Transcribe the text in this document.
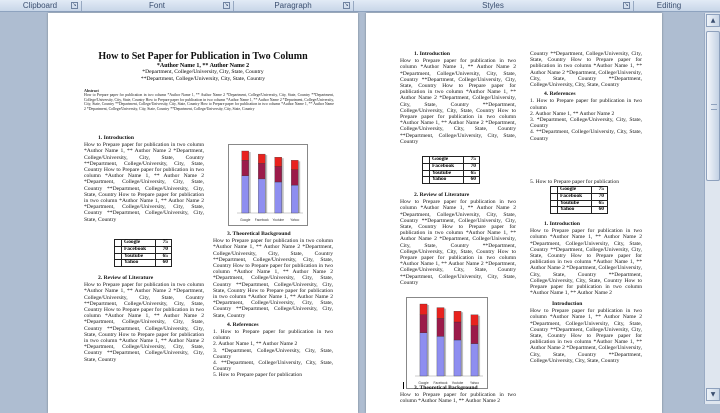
Clipboard	↘	Font	↘	Paragraph	↘	Styles	↘	Editing
How to Set Paper for Publication in Two Column
*Author Name 1, ** Author Name 2
*Department, College/University, City, State, Country
**Department, College/University, City, State, Country
Abstract
How to Prepare paper for publication in two column *Author Name 1, ** Author Name 2 *Department, College/University, City, State, Country **Department, College/University, City, State, Country How to Prepare paper for publication in two column *Author Name 1, ** Author Name 2 *Department, College/University, City, State, Country **Department, College/University, City, State, Country How to Prepare paper for publication in two column *Author Name 1, ** Author Name 2 *Department, College/University, City, State, Country **Department, College/University, City, State, Country
1. Introduction
How to Prepare paper for publication in two column *Author Name 1, ** Author Name 2 *Department, College/University, City, State, Country **Department, College/University, City, State, Country How to Prepare paper for publication in two column *Author Name 1, ** Author Name 2 *Department, College/University, City, State, Country **Department, College/University, City, State, Country How to Prepare paper for publication in two column *Author Name 1, ** Author Name 2 *Department, College/University, City, State, Country **Department, College/University, City, State, Country
	Google	75
	Facebook	70
	Youtube	65
	Yahoo	60
2. Review of Literature
How to Prepare paper for publication in two column *Author Name 1, ** Author Name 2 *Department, College/University, City, State, Country **Department, College/University, City, State, Country How to Prepare paper for publication in two column *Author Name 1, ** Author Name 2 *Department, College/University, City, State, Country **Department, College/University, City, State, Country How to Prepare paper for publication in two column *Author Name 1, ** Author Name 2 *Department, College/University, City, State, Country **Department, College/University, City, State, Country
Google Facebook Youtube Yahoo
3. Theoretical Background
How to Prepare paper for publication in two column *Author Name 1, ** Author Name 2 *Department, College/University, City, State, Country **Department, College/University, City, State, Country How to Prepare paper for publication in two column *Author Name 1, ** Author Name 2 *Department, College/University, City, State, Country **Department, College/University, City, State, Country How to Prepare paper for publication in two column *Author Name 1, ** Author Name 2 *Department, College/University, City, State, Country **Department, College/University, City, State, Country
4. References
1. How to Prepare paper for publication in two column
2. Author Name 1, ** Author Name 2
3. *Department, College/University, City, State, Country
4. **Department, College/University, City, State, Country
5. How to Prepare paper for publication
1. Introduction
How to Prepare paper for publication in two column *Author Name 1, ** Author Name 2 *Department, College/University, City, State, Country **Department, College/University, City, State, Country How to Prepare paper for publication in two column *Author Name 1, ** Author Name 2 *Department, College/University, City, State, Country **Department, College/University, City, State, Country How to Prepare paper for publication in two column *Author Name 1, ** Author Name 2 *Department, College/University, City, State, Country **Department, College/University, City, State, Country
	Google	75
	Facebook	70
	Youtube	65
	Yahoo	60
2. Review of Literature
How to Prepare paper for publication in two column *Author Name 1, ** Author Name 2 *Department, College/University, City, State, Country **Department, College/University, City, State, Country How to Prepare paper for publication in two column *Author Name 1, ** Author Name 2 *Department, College/University, City, State, Country **Department, College/University, City, State, Country How to Prepare paper for publication in two column *Author Name 1, ** Author Name 2 *Department, College/University, City, State, Country **Department, College/University, City, State, Country
Google Facebook Youtube Yahoo
3. Theoretical Background
How to Prepare paper for publication in two column *Author Name 1, ** Author Name 2
Country **Department, College/University, City, State, Country How to Prepare paper for publication in two column *Author Name 1, ** Author Name 2 *Department, College/University, City, State, Country **Department, College/University, City, State, Country
4. References
1. How to Prepare paper for publication in two column
2. Author Name 1, ** Author Name 2
3. *Department, College/University, City, State, Country
4. **Department, College/University, City, State, Country
5. How to Prepare paper for publication
	Google	75
	Facebook	70
	Youtube	65
	Yahoo	60
1. Introduction
How to Prepare paper for publication in two column *Author Name 1, ** Author Name 2 *Department, College/University, City, State, Country **Department, College/University, City, State, Country How to Prepare paper for publication in two column *Author Name 1, ** Author Name 2 *Department, College/University, City, State, Country **Department, College/University, City, State, Country How to Prepare paper for publication in two column *Author Name 1, ** Author Name 2
Introduction
How to Prepare paper for publication in two column *Author Name 1, ** Author Name 2 *Department, College/University, City, State, Country **Department, College/University, City, State, Country How to Prepare paper for publication in two column *Author Name 1, ** Author Name 2 *Department, College/University, City, State, Country **Department, College/University, City, State, Country
▲
▼
